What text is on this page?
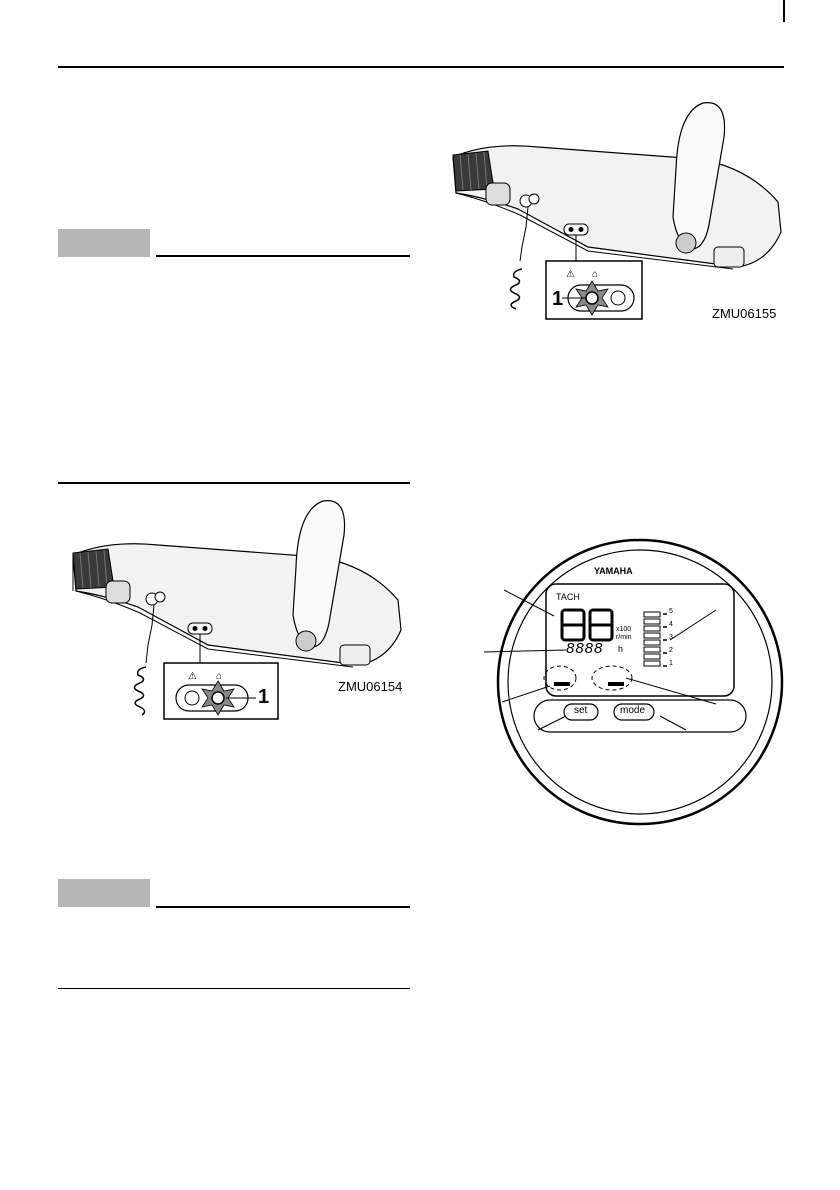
⚠ ⌂
1	ZMU06154
⚠ ⌂
1
ZMU06155
YAMAHA
TACH
x100
r/min
8888 h
5
4
3
2
1
set	mode
